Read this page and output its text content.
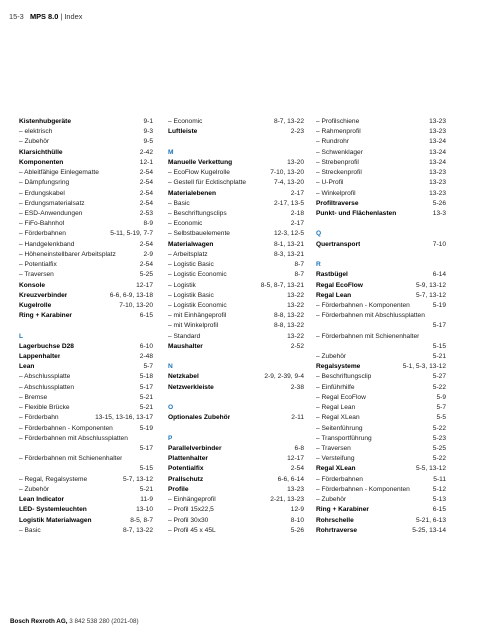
15-3 MPS 8.0 | Index
Kistenhubgeräte	9-1
– elektrisch	9-3
– Zubehör	9-5
Klarsichthülle	2-42
Komponenten	12-1
– Ableitfähige Einlegematte	2-54
– Dämpfungsring	2-54
– Erdungskabel	2-54
– Erdungsmaterialsatz	2-54
– ESD-Anwendungen	2-53
– FiFo-Bahnhof	8-9
– Förderbahnen	5-11, 5-19, 7-7
– Handgelenkband	2-54
– Höheneinstellbarer Arbeitsplatz	2-9
– Potentialfix	2-54
– Traversen	5-25
Konsole	12-17
Kreuzverbinder	6-6, 6-9, 13-18
Kugelrolle	7-10, 13-20
Ring + Karabiner	6-15
L
Lagerbuchse D28	6-10
Lappenhalter	2-48
Lean	5-7
– Abschlussplatte	5-18
– Abschlussplatten	5-17
– Bremse	5-21
– Flexible Brücke	5-21
– Förderbahn	13-15, 13-16, 13-17
– Förderbahnen - Komponenten	5-19
– Förderbahnen mit Abschlussplatten
5-17
– Förderbahnen mit Schienenhalter
5-15
– Regal, Regalsysteme	5-7, 13-12
– Zubehör	5-21
Lean Indicator	11-9
LED- Systemleuchten	13-10
Logistik Materialwagen	8-5, 8-7
– Basic	8-7, 13-22
– Economic	8-7, 13-22
Luftleiste	2-23
M
Manuelle Verkettung	13-20
– EcoFlow Kugelrolle	7-10, 13-20
– Gestell für Ecktischplatte	7-4, 13-20
Materialebenen	2-17
– Basic	2-17, 13-5
– Beschriftungsclips	2-18
– Economic	2-17
– Selbstbauelemente	12-3, 12-5
Materialwagen	8-1, 13-21
– Arbeitsplatz	8-3, 13-21
– Logistic Basic	8-7
– Logistic Economic	8-7
– Logistik	8-5, 8-7, 13-21
– Logistik Basic	13-22
– Logistik Economic	13-22
– mit Einhängeprofil	8-8, 13-22
– mit Winkelprofil	8-8, 13-22
– Standard	13-22
Maushalter	2-52
N
Netzkabel	2-9, 2-39, 9-4
Netzwerkleiste	2-38
O
Optionales Zubehör	2-11
P
Parallelverbinder	6-8
Plattenhalter	12-17
Potentialfix	2-54
Prallschutz	6-6, 6-14
Profile	13-23
– Einhängeprofil	2-21, 13-23
– Profil 15x22,5	12-9
– Profil 30x30	8-10
– Profil 45 x 45L	5-26
– Profilschiene	13-23
– Rahmenprofil	13-23
– Rundrohr	13-24
– Schwenklager	13-24
– Strebenprofil	13-24
– Streckenprofil	13-23
– U-Profil	13-23
– Winkelprofil	13-23
Profiltraverse	5-26
Punkt- und Flächenlasten	13-3
Q
Quertransport	7-10
R
Rastbügel	6-14
Regal EcoFlow	5-9, 13-12
Regal Lean	5-7, 13-12
– Förderbahnen - Komponenten	5-19
– Förderbahnen mit Abschlussplatten
5-17
– Förderbahnen mit Schienenhalter
5-15
– Zubehör	5-21
Regalsysteme	5-1, 5-3, 13-12
– Beschriftungsclip	5-27
– Einführhilfe	5-22
– Regal EcoFlow	5-9
– Regal Lean	5-7
– Regal XLean	5-5
– Seitenführung	5-22
– Transportführung	5-23
– Traversen	5-25
– Versteifung	5-22
Regal XLean	5-5, 13-12
– Förderbahnen	5-11
– Förderbahnen - Komponenten	5-12
– Zubehör	5-13
Ring + Karabiner	6-15
Rohrschelle	5-21, 6-13
Rohrtraverse	5-25, 13-14
Bosch Rexroth AG, 3 842 538 280 (2021-08)
